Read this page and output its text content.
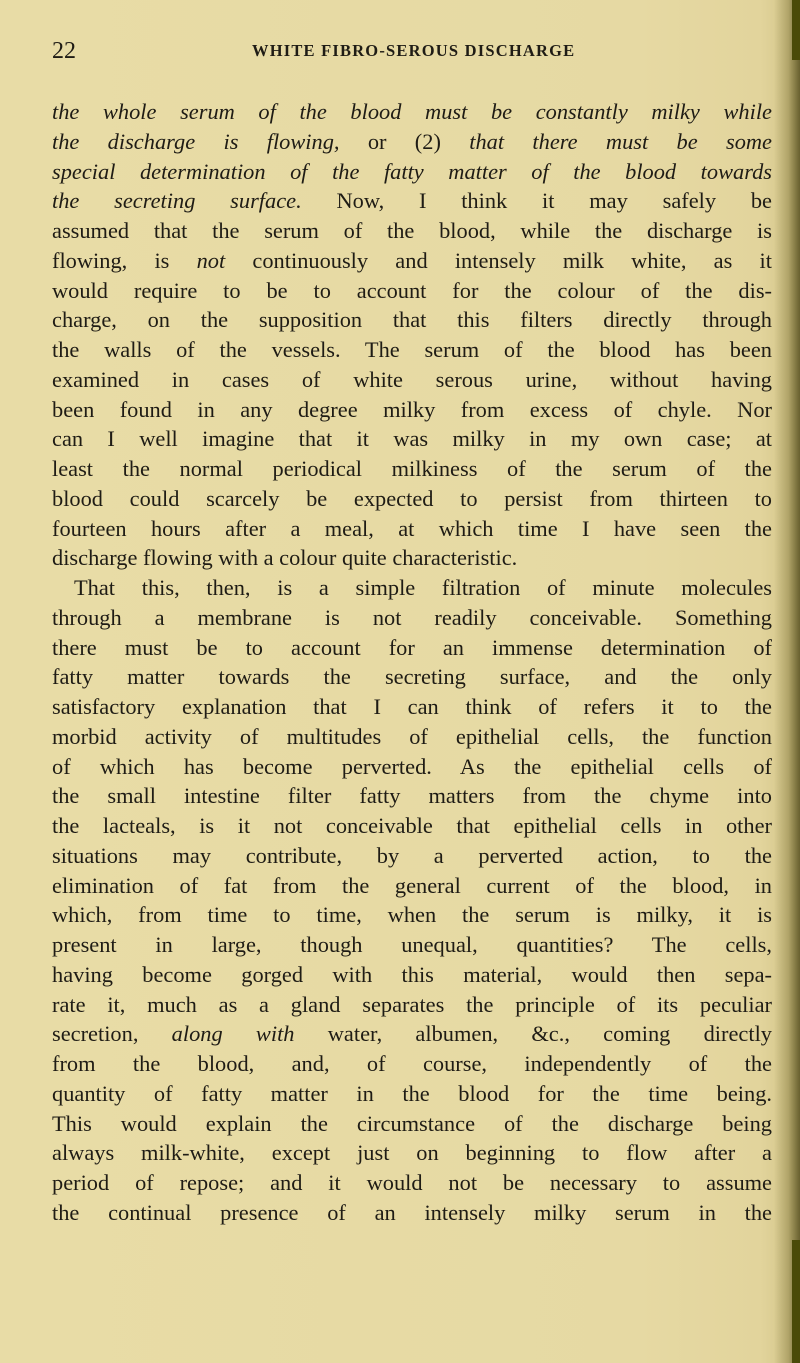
22	WHITE FIBRO-SEROUS DISCHARGE
the whole serum of the blood must be constantly milky while
the discharge is flowing, or (2) that there must be some
special determination of the fatty matter of the blood towards
the secreting surface. Now, I think it may safely be
assumed that the serum of the blood, while the discharge is
flowing, is not continuously and intensely milk white, as it
would require to be to account for the colour of the dis-
charge, on the supposition that this filters directly through
the walls of the vessels. The serum of the blood has been
examined in cases of white serous urine, without having
been found in any degree milky from excess of chyle. Nor
can I well imagine that it was milky in my own case; at
least the normal periodical milkiness of the serum of the
blood could scarcely be expected to persist from thirteen to
fourteen hours after a meal, at which time I have seen the
discharge flowing with a colour quite characteristic.
That this, then, is a simple filtration of minute molecules
through a membrane is not readily conceivable. Something
there must be to account for an immense determination of
fatty matter towards the secreting surface, and the only
satisfactory explanation that I can think of refers it to the
morbid activity of multitudes of epithelial cells, the function
of which has become perverted. As the epithelial cells of
the small intestine filter fatty matters from the chyme into
the lacteals, is it not conceivable that epithelial cells in other
situations may contribute, by a perverted action, to the
elimination of fat from the general current of the blood, in
which, from time to time, when the serum is milky, it is
present in large, though unequal, quantities? The cells,
having become gorged with this material, would then sepa-
rate it, much as a gland separates the principle of its peculiar
secretion, along with water, albumen, &c., coming directly
from the blood, and, of course, independently of the
quantity of fatty matter in the blood for the time being.
This would explain the circumstance of the discharge being
always milk-white, except just on beginning to flow after a
period of repose; and it would not be necessary to assume
the continual presence of an intensely milky serum in the
